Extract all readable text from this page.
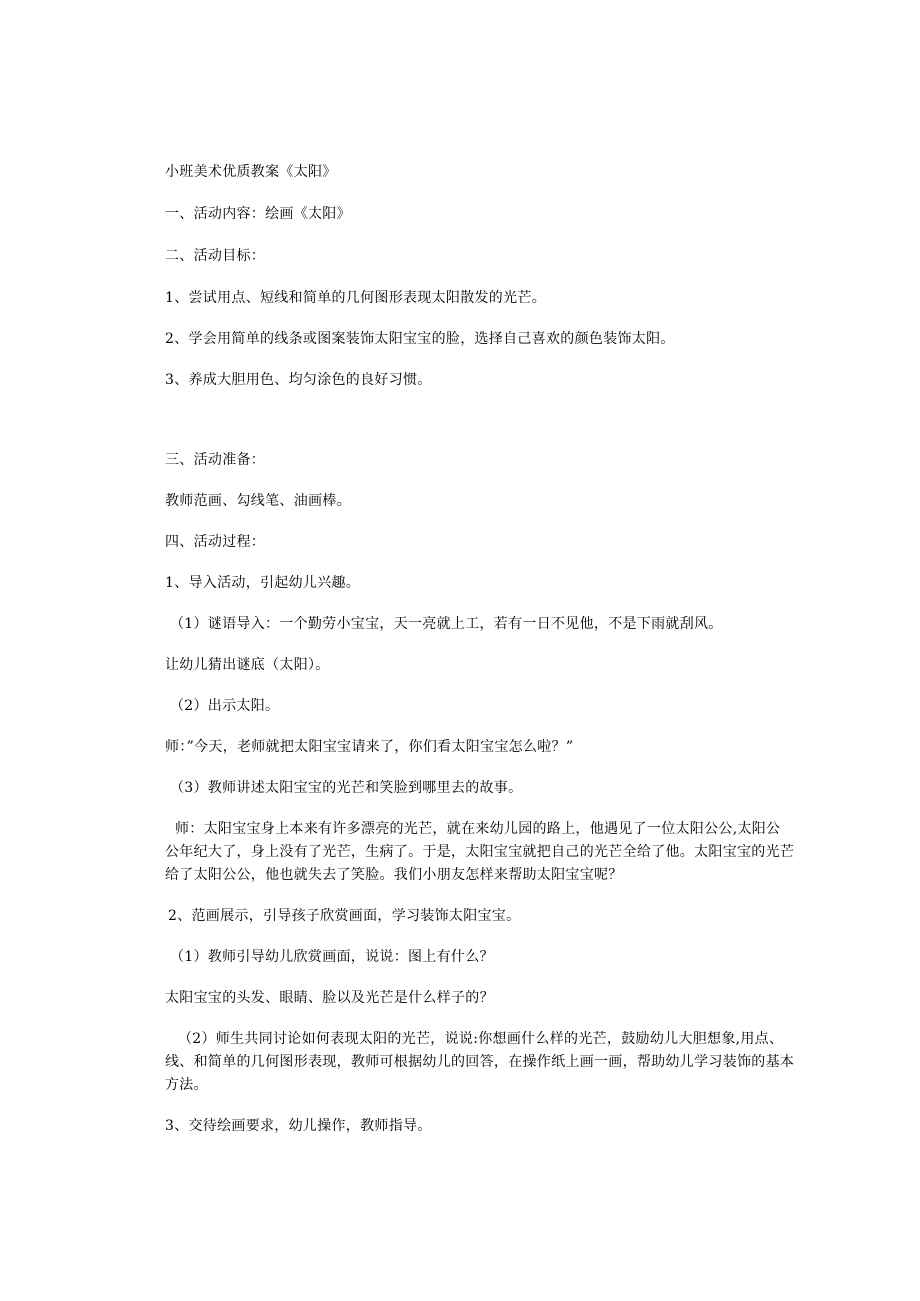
小班美术优质教案《太阳》
一、活动内容：绘画《太阳》
二、活动目标：
1、尝试用点、短线和简单的几何图形表现太阳散发的光芒。
2、学会用简单的线条或图案装饰太阳宝宝的脸，选择自己喜欢的颜色装饰太阳。
3、养成大胆用色、均匀涂色的良好习惯。
三、活动准备：
教师范画、勾线笔、油画棒。
四、活动过程：
1、导入活动，引起幼儿兴趣。
（1）谜语导入：一个勤劳小宝宝，天一亮就上工，若有一日不见他，不是下雨就刮风。
让幼儿猜出谜底（太阳）。
（2）出示太阳。
师：”今天，老师就把太阳宝宝请来了，你们看太阳宝宝怎么啦？”
（3）教师讲述太阳宝宝的光芒和笑脸到哪里去的故事。
师：太阳宝宝身上本来有许多漂亮的光芒，就在来幼儿园的路上，他遇见了一位太阳公公,太阳公
公年纪大了，身上没有了光芒，生病了。于是，太阳宝宝就把自己的光芒全给了他。太阳宝宝的光芒
给了太阳公公，他也就失去了笑脸。我们小朋友怎样来帮助太阳宝宝呢？
2、范画展示，引导孩子欣赏画面，学习装饰太阳宝宝。
（1）教师引导幼儿欣赏画面，说说：图上有什么？
太阳宝宝的头发、眼睛、脸以及光芒是什么样子的？
（2）师生共同讨论如何表现太阳的光芒，说说:你想画什么样的光芒，鼓励幼儿大胆想象,用点、
线、和简单的几何图形表现，教师可根据幼儿的回答，在操作纸上画一画，帮助幼儿学习装饰的基本
方法。
3、交待绘画要求，幼儿操作，教师指导。
